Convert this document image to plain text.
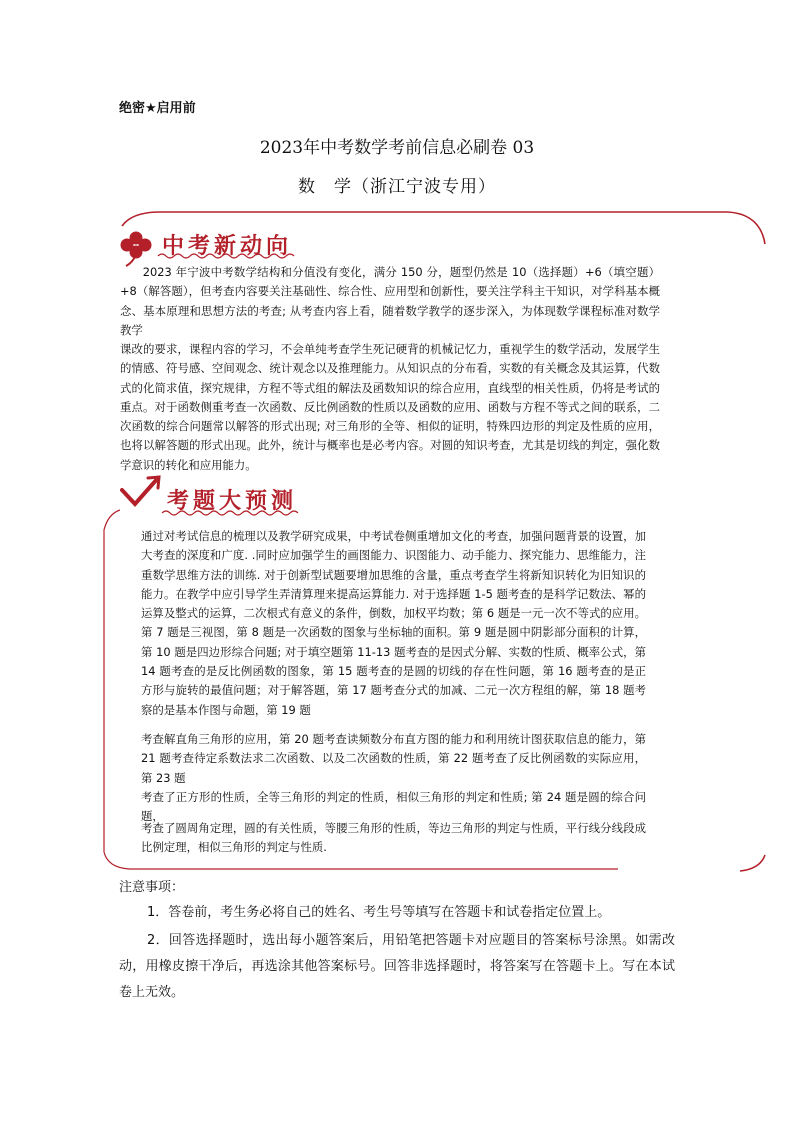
绝密★启用前
2023年中考数学考前信息必刷卷 03
数　学（浙江宁波专用）
中考新动向
2023 年宁波中考数学结构和分值没有变化，满分 150 分，题型仍然是 10（选择题）+6（填空题）+8（解答题），但考查内容要关注基础性、综合性、应用型和创新性，要关注学科主干知识，对学科基本概念、基本原理和思想方法的考查; 从考查内容上看，随着数学教学的逐步深入，为体现数学课程标准对数学教学
课改的要求，课程内容的学习，不会单纯考查学生死记硬背的机械记忆力，重视学生的数学活动，发展学生的情感、符号感、空间观念、统计观念以及推理能力。从知识点的分布看，实数的有关概念及其运算，代数式的化简求值，探究规律，方程不等式组的解法及函数知识的综合应用，直线型的相关性质，仍将是考试的重点。对于函数侧重考查一次函数、反比例函数的性质以及函数的应用、函数与方程不等式之间的联系，二次函数的综合问题常以解答的形式出现; 对三角形的全等、相似的证明，特殊四边形的判定及性质的应用，也将以解答题的形式出现。此外，统计与概率也是必考内容。对圆的知识考查，尤其是切线的判定，强化数学意识的转化和应用能力。
考题大预测
通过对考试信息的梳理以及教学研究成果，中考试卷侧重增加文化的考查，加强问题背景的设置，加大考查的深度和广度. .同时应加强学生的画图能力、识图能力、动手能力、探究能力、思维能力，注重数学思维方法的训练. 对于创新型试题要增加思维的含量，重点考查学生将新知识转化为旧知识的能力。在教学中应引导学生弄清算理来提高运算能力. 对于选择题 1-5 题考查的是科学记数法、幂的运算及整式的运算，二次根式有意义的条件，倒数，加权平均数；第 6 题是一元一次不等式的应用。第 7 题是三视图，第 8 题是一次函数的图象与坐标轴的面积。第 9 题是圆中阴影部分面积的计算，第 10 题是四边形综合问题; 对于填空题第 11-13 题考查的是因式分解、实数的性质、概率公式，第 14 题考查的是反比例函数的图象，第 15 题考查的是圆的切线的存在性问题，第 16 题考查的是正方形与旋转的最值问题；对于解答题，第 17 题考查分式的加减、二元一次方程组的解，第 18 题考察的是基本作图与命题，第 19 题
考查解直角三角形的应用，第 20 题考查读频数分布直方图的能力和利用统计图获取信息的能力，第 21 题考查待定系数法求二次函数、以及二次函数的性质，第 22 题考查了反比例函数的实际应用，第 23 题
考查了正方形的性质，全等三角形的判定的性质，相似三角形的判定和性质; 第 24 题是圆的综合问题，
考查了圆周角定理，圆的有关性质，等腰三角形的性质，等边三角形的判定与性质，平行线分线段成比例定理，相似三角形的判定与性质.
注意事项：
1．答卷前，考生务必将自己的姓名、考生号等填写在答题卡和试卷指定位置上。
2．回答选择题时，选出每小题答案后，用铅笔把答题卡对应题目的答案标号涂黑。如需改动，用橡皮擦干净后，再选涂其他答案标号。回答非选择题时，将答案写在答题卡上。写在本试卷上无效。
